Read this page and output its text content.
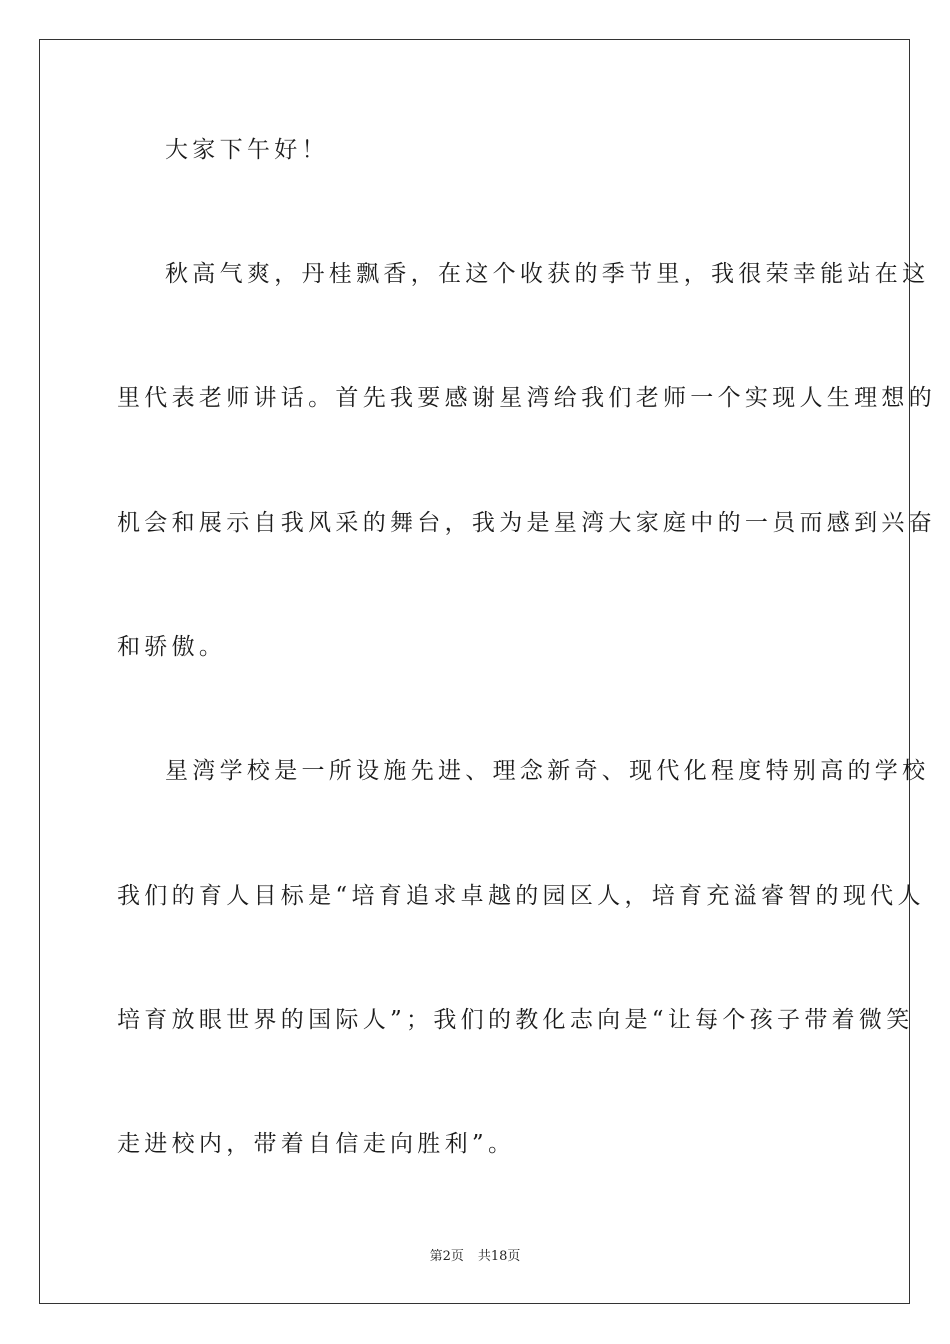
大家下午好！
秋高气爽，丹桂飘香，在这个收获的季节里，我很荣幸能站在这
里代表老师讲话。首先我要感谢星湾给我们老师一个实现人生理想的
机会和展示自我风采的舞台，我为是星湾大家庭中的一员而感到兴奋
和骄傲。
星湾学校是一所设施先进、理念新奇、现代化程度特别高的学校
我们的育人目标是“培育追求卓越的园区人，培育充溢睿智的现代人
培育放眼世界的国际人”；我们的教化志向是“让每个孩子带着微笑
走进校内，带着自信走向胜利”。
第2页 共18页
